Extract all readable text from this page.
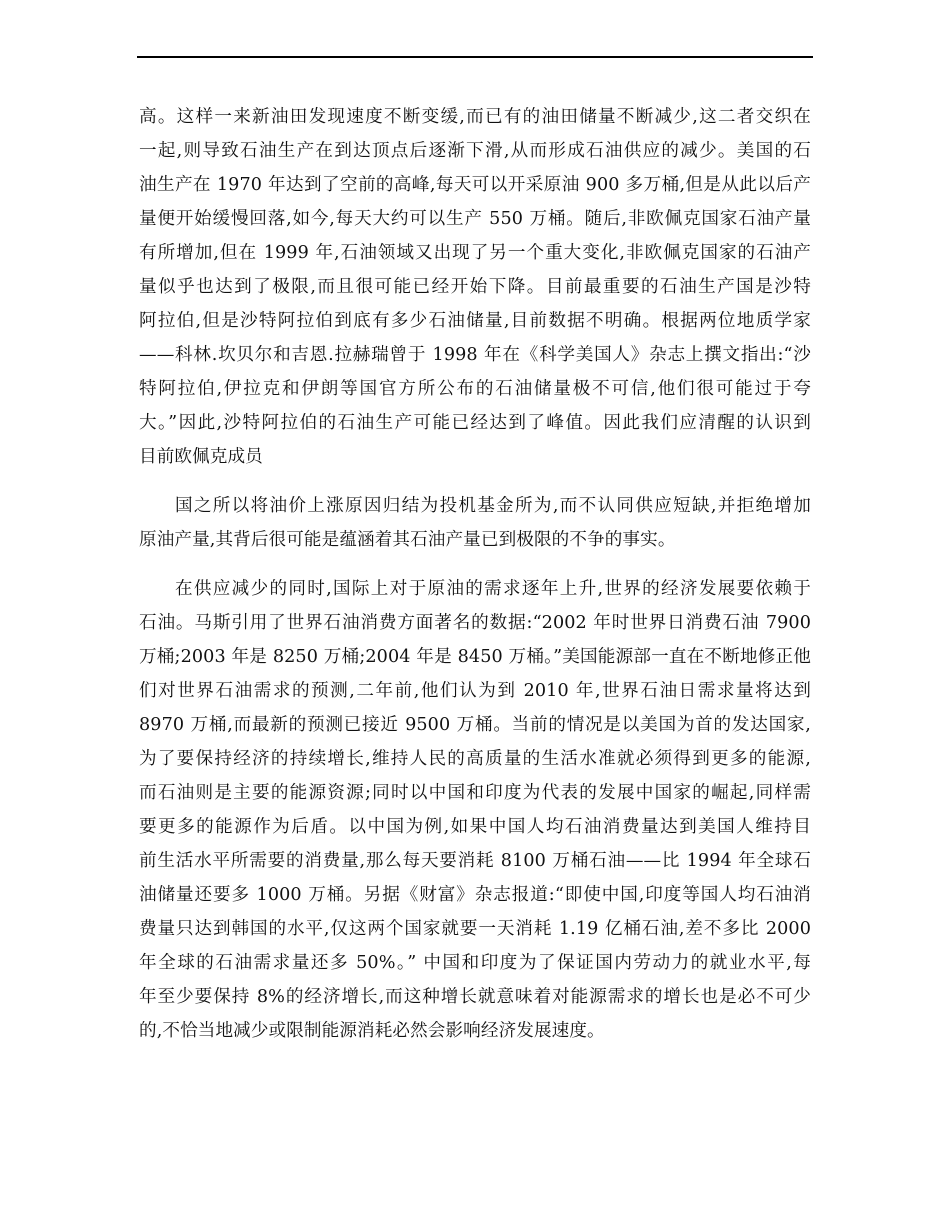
高。这样一来新油田发现速度不断变缓,而已有的油田储量不断减少,这二者交织在
一起,则导致石油生产在到达顶点后逐渐下滑,从而形成石油供应的减少。美国的石
油生产在 1970 年达到了空前的高峰,每天可以开采原油 900 多万桶,但是从此以后产
量便开始缓慢回落,如今,每天大约可以生产 550 万桶。随后,非欧佩克国家石油产量
有所增加,但在 1999 年,石油领域又出现了另一个重大变化,非欧佩克国家的石油产
量似乎也达到了极限,而且很可能已经开始下降。目前最重要的石油生产国是沙特
阿拉伯,但是沙特阿拉伯到底有多少石油储量,目前数据不明确。根据两位地质学家
——科林.坎贝尔和吉恩.拉赫瑞曾于 1998 年在《科学美国人》杂志上撰文指出:“沙
特阿拉伯,伊拉克和伊朗等国官方所公布的石油储量极不可信,他们很可能过于夸
大。”因此,沙特阿拉伯的石油生产可能已经达到了峰值。因此我们应清醒的认识到
目前欧佩克成员
国之所以将油价上涨原因归结为投机基金所为,而不认同供应短缺,并拒绝增加
原油产量,其背后很可能是蕴涵着其石油产量已到极限的不争的事实。
在供应减少的同时,国际上对于原油的需求逐年上升,世界的经济发展要依赖于
石油。马斯引用了世界石油消费方面著名的数据:“2002 年时世界日消费石油 7900
万桶;2003 年是 8250 万桶;2004 年是 8450 万桶。”美国能源部一直在不断地修正他
们对世界石油需求的预测,二年前,他们认为到 2010 年,世界石油日需求量将达到
8970 万桶,而最新的预测已接近 9500 万桶。当前的情况是以美国为首的发达国家,
为了要保持经济的持续增长,维持人民的高质量的生活水准就必须得到更多的能源,
而石油则是主要的能源资源;同时以中国和印度为代表的发展中国家的崛起,同样需
要更多的能源作为后盾。以中国为例,如果中国人均石油消费量达到美国人维持目
前生活水平所需要的消费量,那么每天要消耗 8100 万桶石油——比 1994 年全球石
油储量还要多 1000 万桶。另据《财富》杂志报道:“即使中国,印度等国人均石油消
费量只达到韩国的水平,仅这两个国家就要一天消耗 1.19 亿桶石油,差不多比 2000
年全球的石油需求量还多 50%。” 中国和印度为了保证国内劳动力的就业水平,每
年至少要保持 8%的经济增长,而这种增长就意味着对能源需求的增长也是必不可少
的,不恰当地减少或限制能源消耗必然会影响经济发展速度。
